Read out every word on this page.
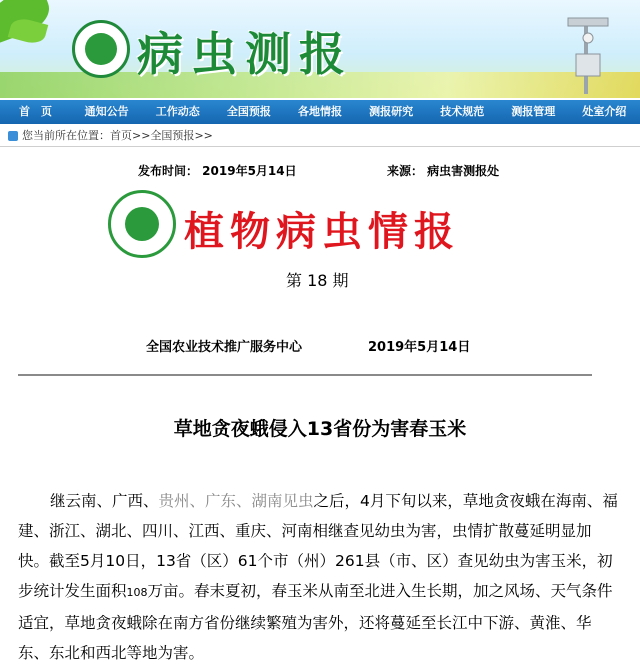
病虫测报
首　页	通知公告	工作动态	全国预报	各地情报	测报研究	技术规范	测报管理	处室介绍
您当前所在位置：首页>>全国预报>>
发布时间： 2019年5月14日	来源： 病虫害测报处
植物病虫情报
第 18 期
全国农业技术推广服务中心	2019年5月14日
草地贪夜蛾侵入13省份为害春玉米

继云南、广西、贵州、广东、湖南见虫之后，4月下旬以来，草地贪夜蛾在海南、福建、浙江、湖北、四川、江西、重庆、河南相继查见幼虫为害，虫情扩散蔓延明显加快。截至5月10日，13省（区）61个市（州）261县（市、区）查见幼虫为害玉米，初步统计发生面积108万亩。春末夏初，春玉米从南至北进入生长期，加之风场、天气条件适宜，草地贪夜蛾除在南方省份继续繁殖为害外，还将蔓延至长江中下游、黄淮、华东、东北和西北等地为害。
